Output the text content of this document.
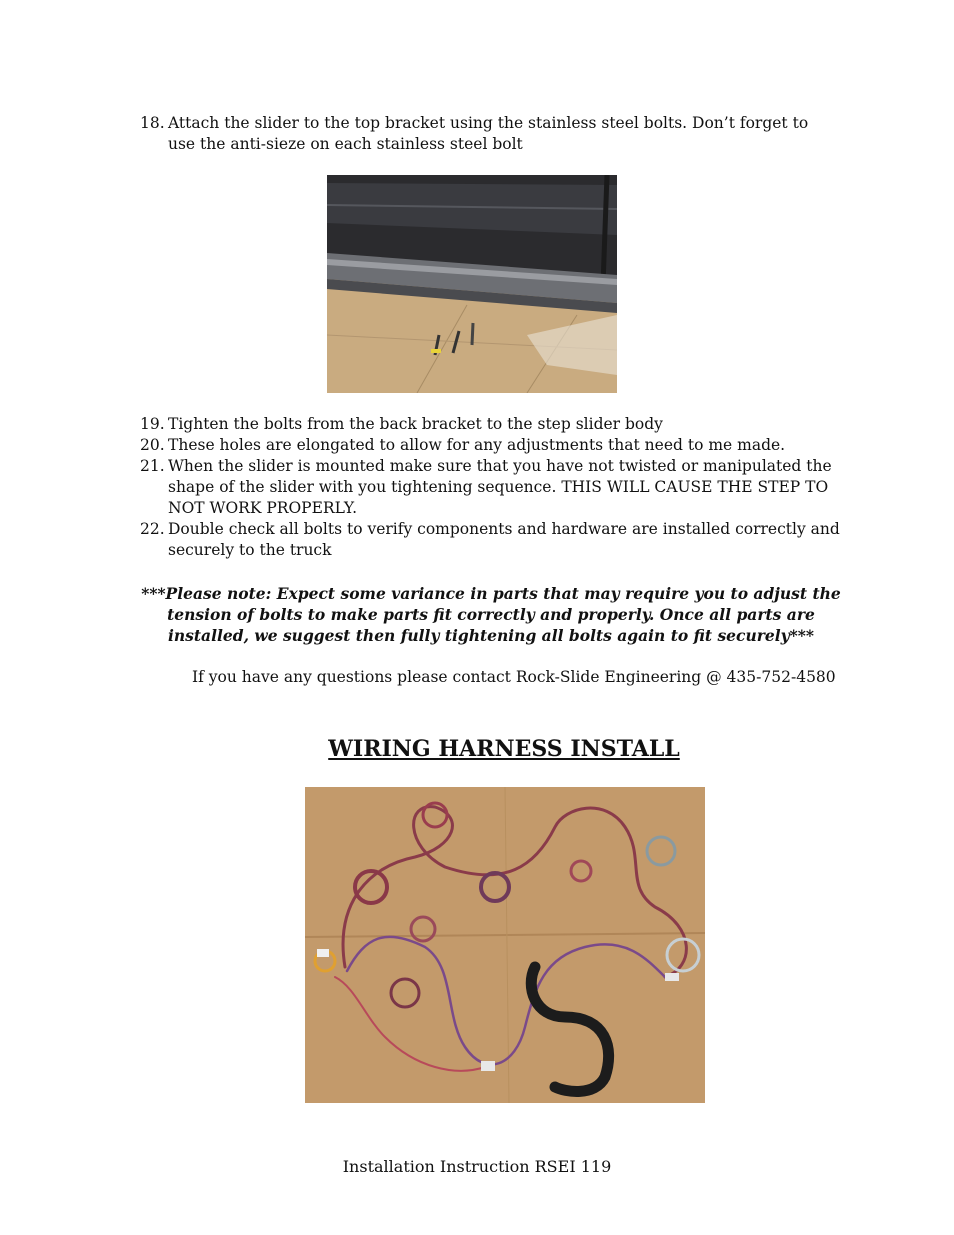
18. Attach the slider to the top bracket using the stainless steel bolts. Don’t forget to use the anti-sieze on each stainless steel bolt
19. Tighten the bolts from the back bracket to the step slider body
20. These holes are elongated to allow for any adjustments that need to me made.
21. When the slider is mounted make sure that you have not twisted or manipulated the shape of the slider with you tightening sequence. THIS WILL CAUSE THE STEP TO NOT WORK PROPERLY.
22. Double check all bolts to verify components and hardware are installed correctly and securely to the truck
***Please note: Expect some variance in parts that may require you to adjust the tension of bolts to make parts fit correctly and properly. Once all parts are installed, we suggest then fully tightening all bolts again to fit securely***
If you have any questions please contact Rock-Slide Engineering @ 435-752-4580
WIRING HARNESS INSTALL
Installation Instruction RSEI 119
